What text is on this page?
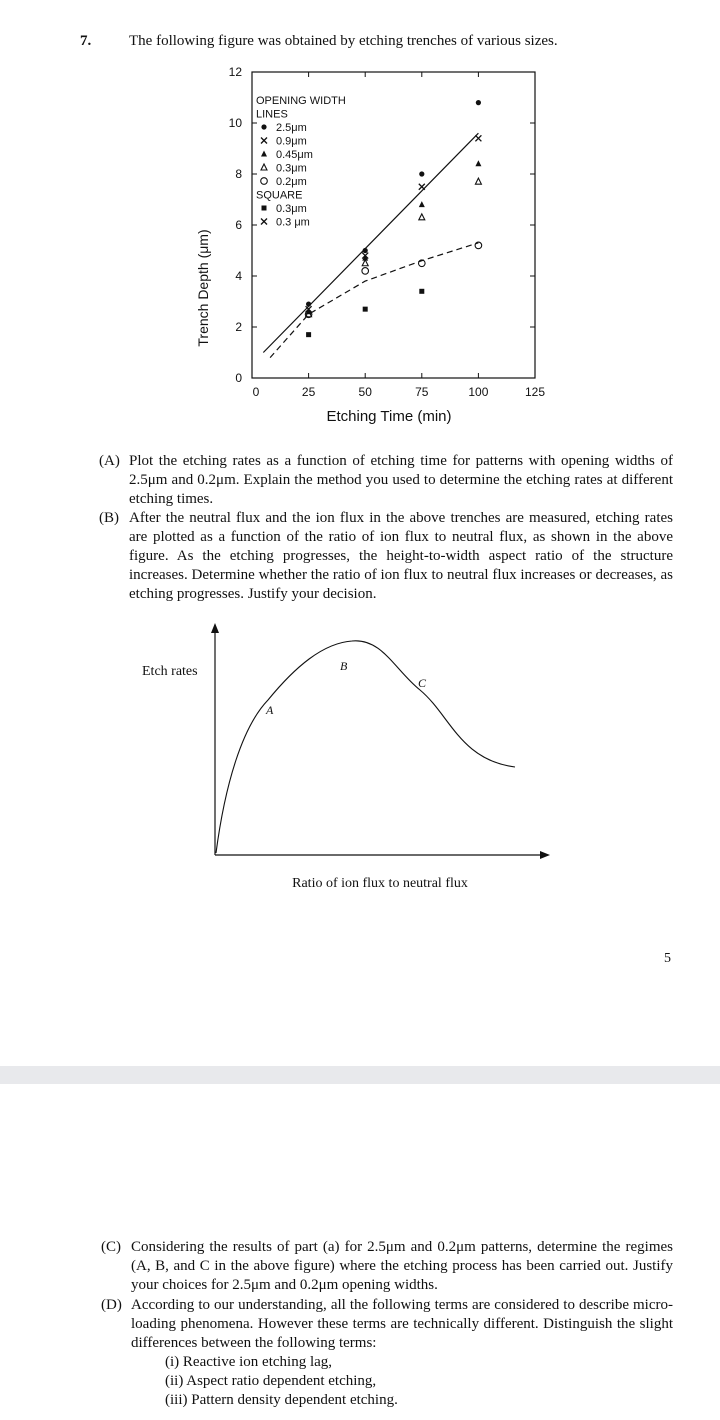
7.	The following figure was obtained by etching trenches of various sizes.
0	25	50	75	100	125
0
2
4
6
8
10
12
OPENING WIDTH
LINES
2.5μm
0.9μm
0.45μm
0.3μm
0.2μm
SQUARE
0.3μm
0.3 μm
Etching Time (min)
Trench Depth (μm)
(A) Plot the etching rates as a function of etching time for patterns with opening widths of 2.5μm and 0.2μm. Explain the method you used to determine the etching rates at different etching times.
(B) After the neutral flux and the ion flux in the above trenches are measured, etching rates are plotted as a function of the ratio of ion flux to neutral flux, as shown in the above figure. As the etching progresses, the height-to-width aspect ratio of the structure increases. Determine whether the ratio of ion flux to neutral flux increases or decreases, as etching progresses. Justify your decision.
Etch rates
Ratio of ion flux to neutral flux
A
B
C
5
(C) Considering the results of part (a) for 2.5μm and 0.2μm patterns, determine the regimes (A, B, and C in the above figure) where the etching process has been carried out. Justify your choices for 2.5μm and 0.2μm opening widths.
(D) According to our understanding, all the following terms are considered to describe micro-loading phenomena. However these terms are technically different. Distinguish the slight differences between the following terms:
(i) Reactive ion etching lag,
(ii) Aspect ratio dependent etching,
(iii) Pattern density dependent etching.
